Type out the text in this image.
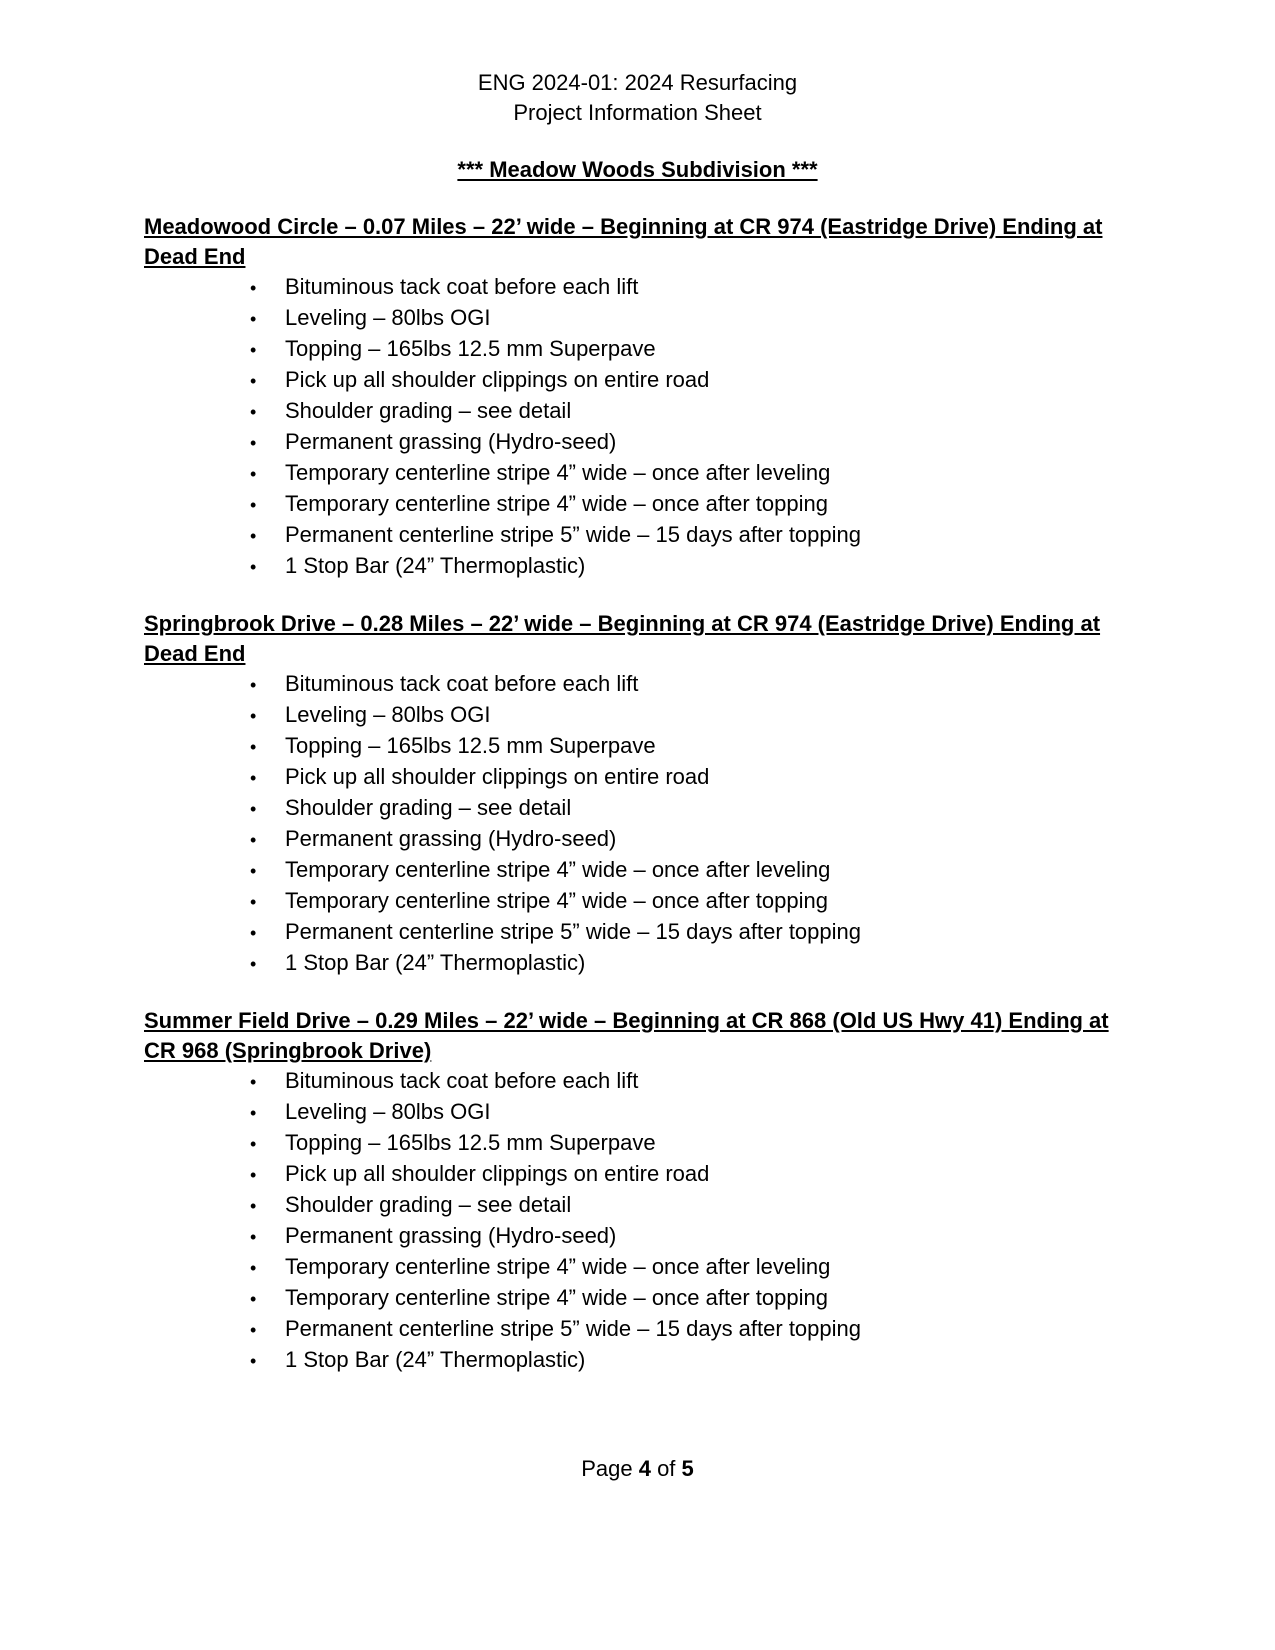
ENG 2024-01: 2024 Resurfacing

Project Information Sheet

*** Meadow Woods Subdivision ***
Meadowood Circle – 0.07 Miles – 22’ wide – Beginning at CR 974 (Eastridge Drive) Ending at Dead End
•	Bituminous tack coat before each lift
•	Leveling – 80lbs OGI
•	Topping – 165lbs 12.5 mm Superpave
•	Pick up all shoulder clippings on entire road
•	Shoulder grading – see detail
•	Permanent grassing (Hydro-seed)
•	Temporary centerline stripe 4” wide – once after leveling
•	Temporary centerline stripe 4” wide – once after topping
•	Permanent centerline stripe 5” wide – 15 days after topping
•	1 Stop Bar (24” Thermoplastic)
Springbrook Drive – 0.28 Miles – 22’ wide – Beginning at CR 974 (Eastridge Drive) Ending at Dead End
•	Bituminous tack coat before each lift
•	Leveling – 80lbs OGI
•	Topping – 165lbs 12.5 mm Superpave
•	Pick up all shoulder clippings on entire road
•	Shoulder grading – see detail
•	Permanent grassing (Hydro-seed)
•	Temporary centerline stripe 4” wide – once after leveling
•	Temporary centerline stripe 4” wide – once after topping
•	Permanent centerline stripe 5” wide – 15 days after topping
•	1 Stop Bar (24” Thermoplastic)
Summer Field Drive – 0.29 Miles – 22’ wide – Beginning at CR 868 (Old US Hwy 41) Ending at CR 968 (Springbrook Drive)
•	Bituminous tack coat before each lift
•	Leveling – 80lbs OGI
•	Topping – 165lbs 12.5 mm Superpave
•	Pick up all shoulder clippings on entire road
•	Shoulder grading – see detail
•	Permanent grassing (Hydro-seed)
•	Temporary centerline stripe 4” wide – once after leveling
•	Temporary centerline stripe 4” wide – once after topping
•	Permanent centerline stripe 5” wide – 15 days after topping
•	1 Stop Bar (24” Thermoplastic)
Page 4 of 5
